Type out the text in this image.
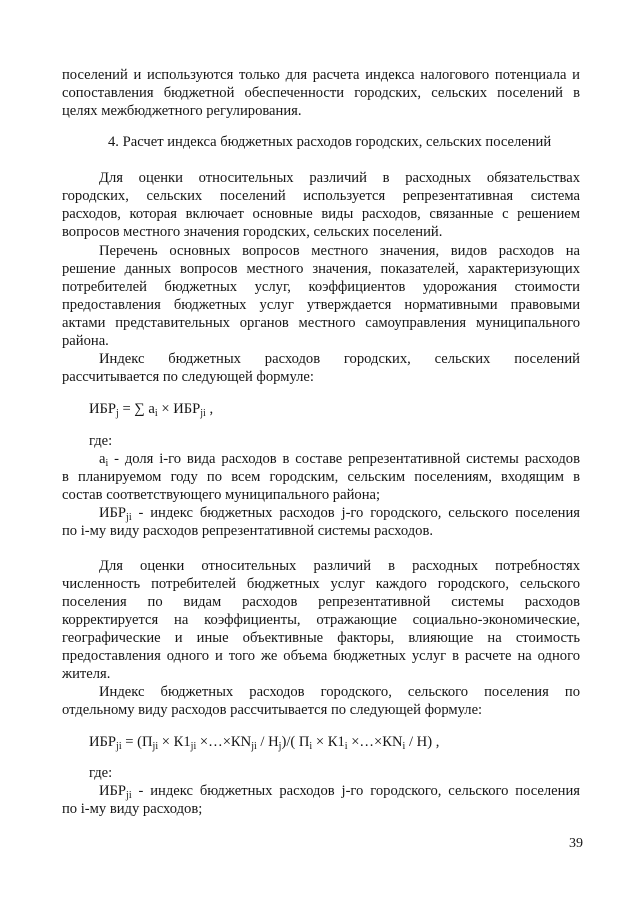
поселений и используются только для расчета индекса налогового потенциала и
сопоставления бюджетной обеспеченности городских, сельских поселений в
целях межбюджетного регулирования.
4. Расчет индекса бюджетных расходов городских, сельских поселений
Для оценки относительных различий в расходных обязательствах
городских, сельских поселений используется репрезентативная система
расходов, которая включает основные виды расходов, связанные с решением
вопросов местного значения городских, сельских поселений.
Перечень основных вопросов местного значения, видов расходов на
решение данных вопросов местного значения, показателей, характеризующих
потребителей бюджетных услуг, коэффициентов удорожания стоимости
предоставления бюджетных услуг утверждается нормативными правовыми
актами представительных органов местного самоуправления муниципального
района.
Индекс бюджетных расходов городских, сельских поселений
рассчитывается по следующей формуле:
$ИБР_j$ = ∑ $a_i \times ИБР_{ji}$ ,
где:
$a_i$ - доля i-го вида расходов в составе репрезентативной системы расходов
в планируемом году по всем городским, сельским поселениям, входящим в
состав соответствующего муниципального района;
$ИБР_{ji}$ - индекс бюджетных расходов j-го городского, сельского поселения
по i-му виду расходов репрезентативной системы расходов.
Для оценки относительных различий в расходных потребностях
численность потребителей бюджетных услуг каждого городского, сельского
поселения по видам расходов репрезентативной системы расходов
корректируется на коэффициенты, отражающие социально-экономические,
географические и иные объективные факторы, влияющие на стоимость
предоставления одного и того же объема бюджетных услуг в расчете на одного
жителя.
Индекс бюджетных расходов городского, сельского поселения по
отдельному виду расходов рассчитывается по следующей формуле:
$ИБР_{ji} = (П_{ji} \times К1_{ji}$ $\times\dots\times КN_{ji} / Н_j)/$( $П_i \times К1_i$ $\times\dots\times КN_i / Н$) ,
где:
$ИБР_{ji}$ - индекс бюджетных расходов j-го городского, сельского поселения
по i-му виду расходов;
39
